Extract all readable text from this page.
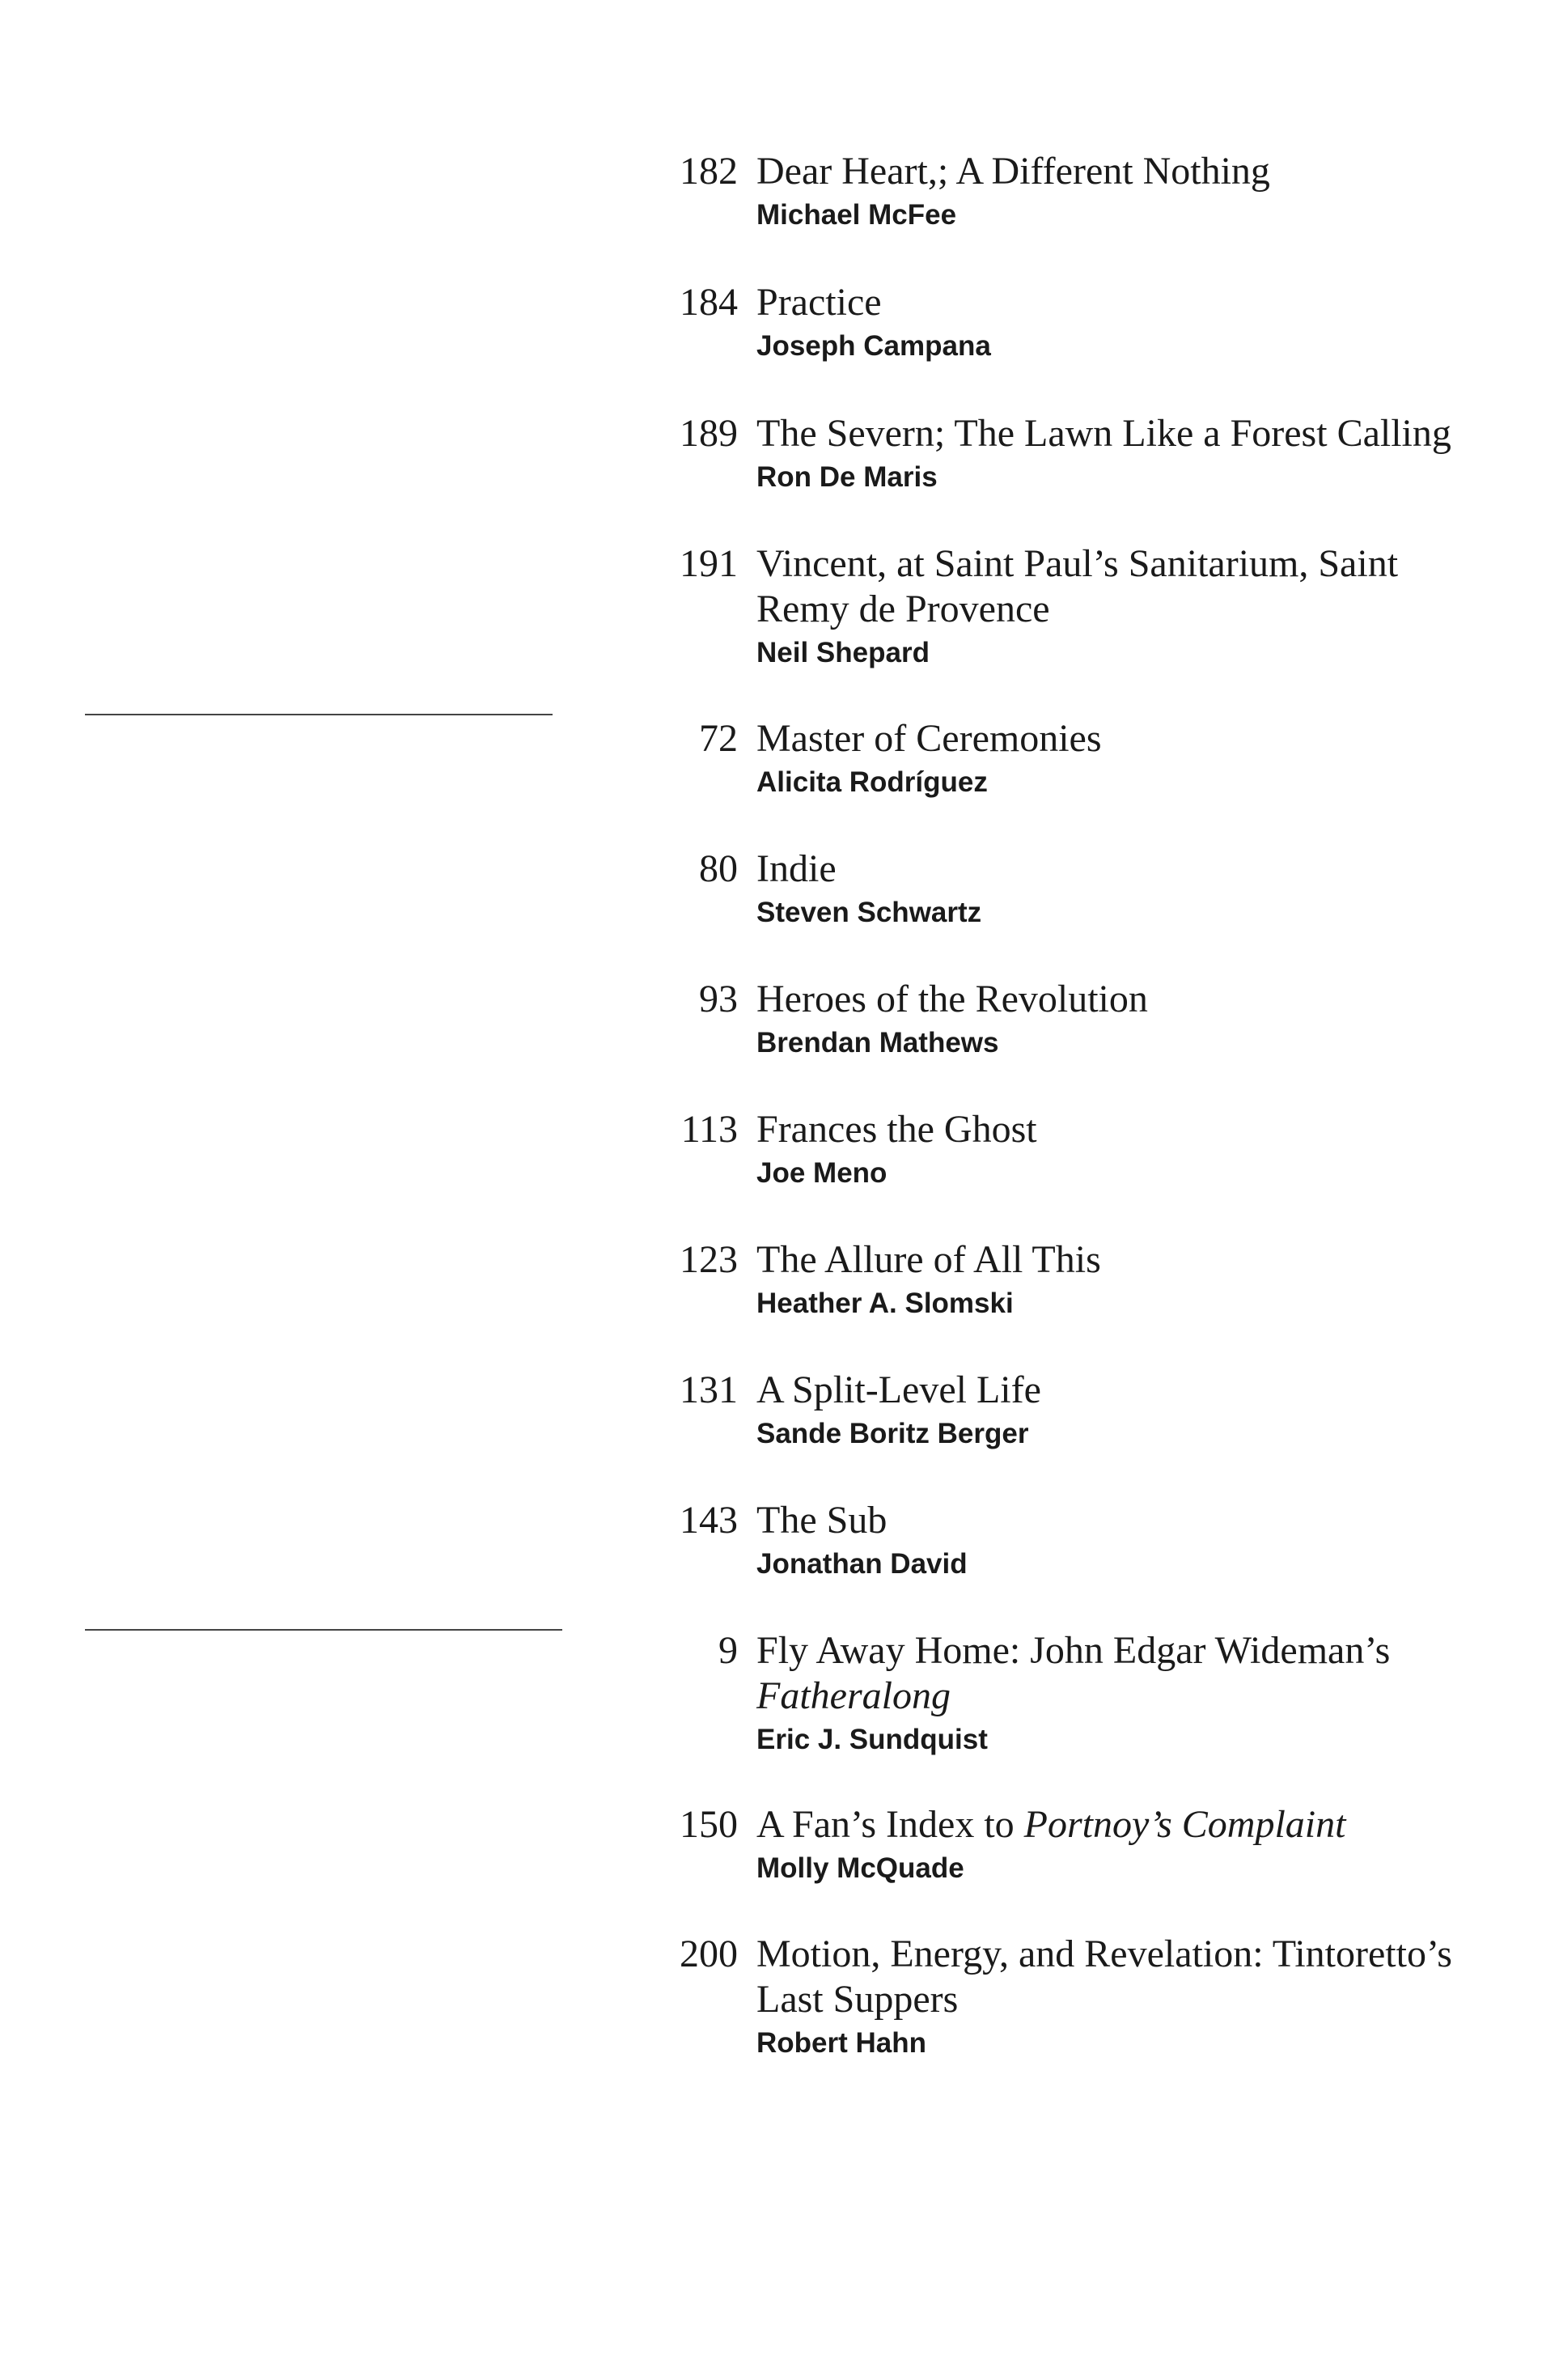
182 Dear Heart,; A Different Nothing
Michael McFee
184 Practice
Joseph Campana
189 The Severn; The Lawn Like a Forest Calling
Ron De Maris
191 Vincent, at Saint Paul’s Sanitarium, Saint
Remy de Provence
Neil Shepard
72 Master of Ceremonies
Alicita Rodríguez
80 Indie
Steven Schwartz
93 Heroes of the Revolution
Brendan Mathews
113 Frances the Ghost
Joe Meno
123 The Allure of All This
Heather A. Slomski
131 A Split-Level Life
Sande Boritz Berger
143 The Sub
Jonathan David
9 Fly Away Home: John Edgar Wideman’s
Fatheralong
Eric J. Sundquist
150 A Fan’s Index to Portnoy’s Complaint
Molly McQuade
200 Motion, Energy, and Revelation: Tintoretto’s
Last Suppers
Robert Hahn
